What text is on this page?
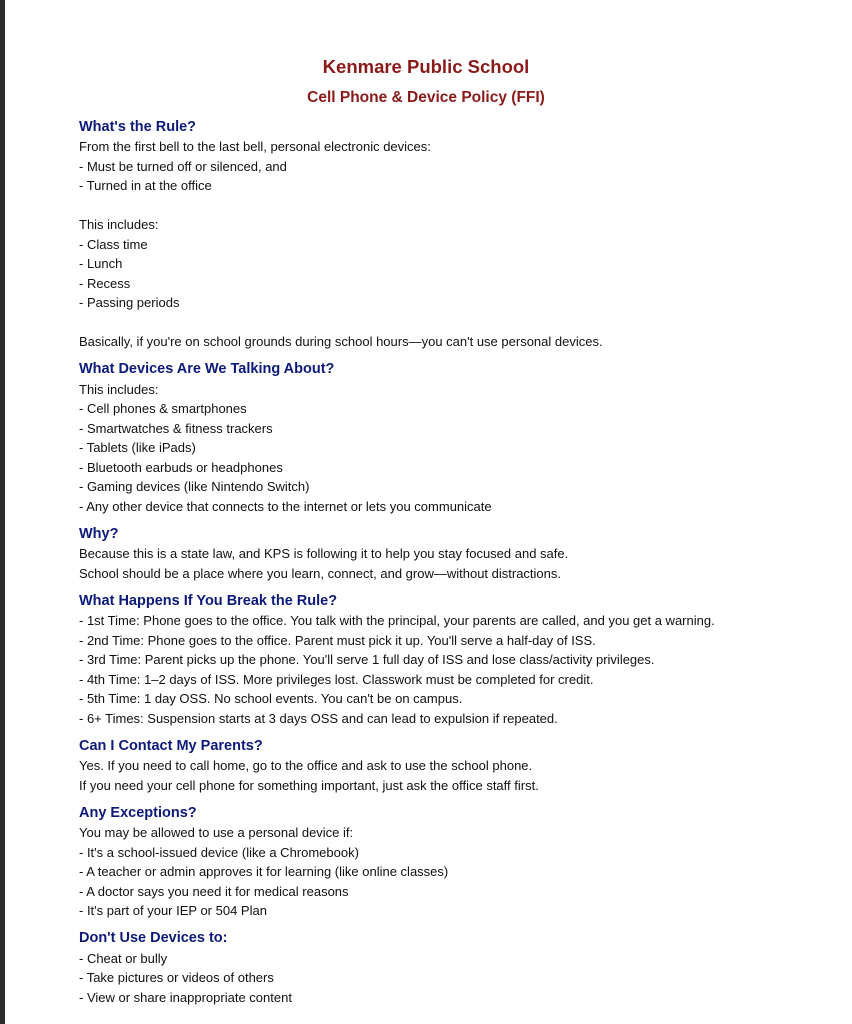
Kenmare Public School
Cell Phone & Device Policy (FFI)
What's the Rule?

From the first bell to the last bell, personal electronic devices:

- Must be turned off or silenced, and

- Turned in at the office

This includes:

- Class time

- Lunch

- Recess

- Passing periods

Basically, if you're on school grounds during school hours—you can't use personal devices.

What Devices Are We Talking About?

This includes:

- Cell phones & smartphones

- Smartwatches & fitness trackers

- Tablets (like iPads)

- Bluetooth earbuds or headphones

- Gaming devices (like Nintendo Switch)

- Any other device that connects to the internet or lets you communicate

Why?

Because this is a state law, and KPS is following it to help you stay focused and safe.

School should be a place where you learn, connect, and grow—without distractions.

What Happens If You Break the Rule?

- 1st Time: Phone goes to the office. You talk with the principal, your parents are called, and you get a warning.

- 2nd Time: Phone goes to the office. Parent must pick it up. You'll serve a half-day of ISS.

- 3rd Time: Parent picks up the phone. You'll serve 1 full day of ISS and lose class/activity privileges.

- 4th Time: 1–2 days of ISS. More privileges lost. Classwork must be completed for credit.

- 5th Time: 1 day OSS. No school events. You can't be on campus.

- 6+ Times: Suspension starts at 3 days OSS and can lead to expulsion if repeated.

Can I Contact My Parents?

Yes. If you need to call home, go to the office and ask to use the school phone.

If you need your cell phone for something important, just ask the office staff first.

Any Exceptions?

You may be allowed to use a personal device if:

- It's a school-issued device (like a Chromebook)

- A teacher or admin approves it for learning (like online classes)

- A doctor says you need it for medical reasons

- It's part of your IEP or 504 Plan

Don't Use Devices to:

- Cheat or bully

- Take pictures or videos of others

- View or share inappropriate content
